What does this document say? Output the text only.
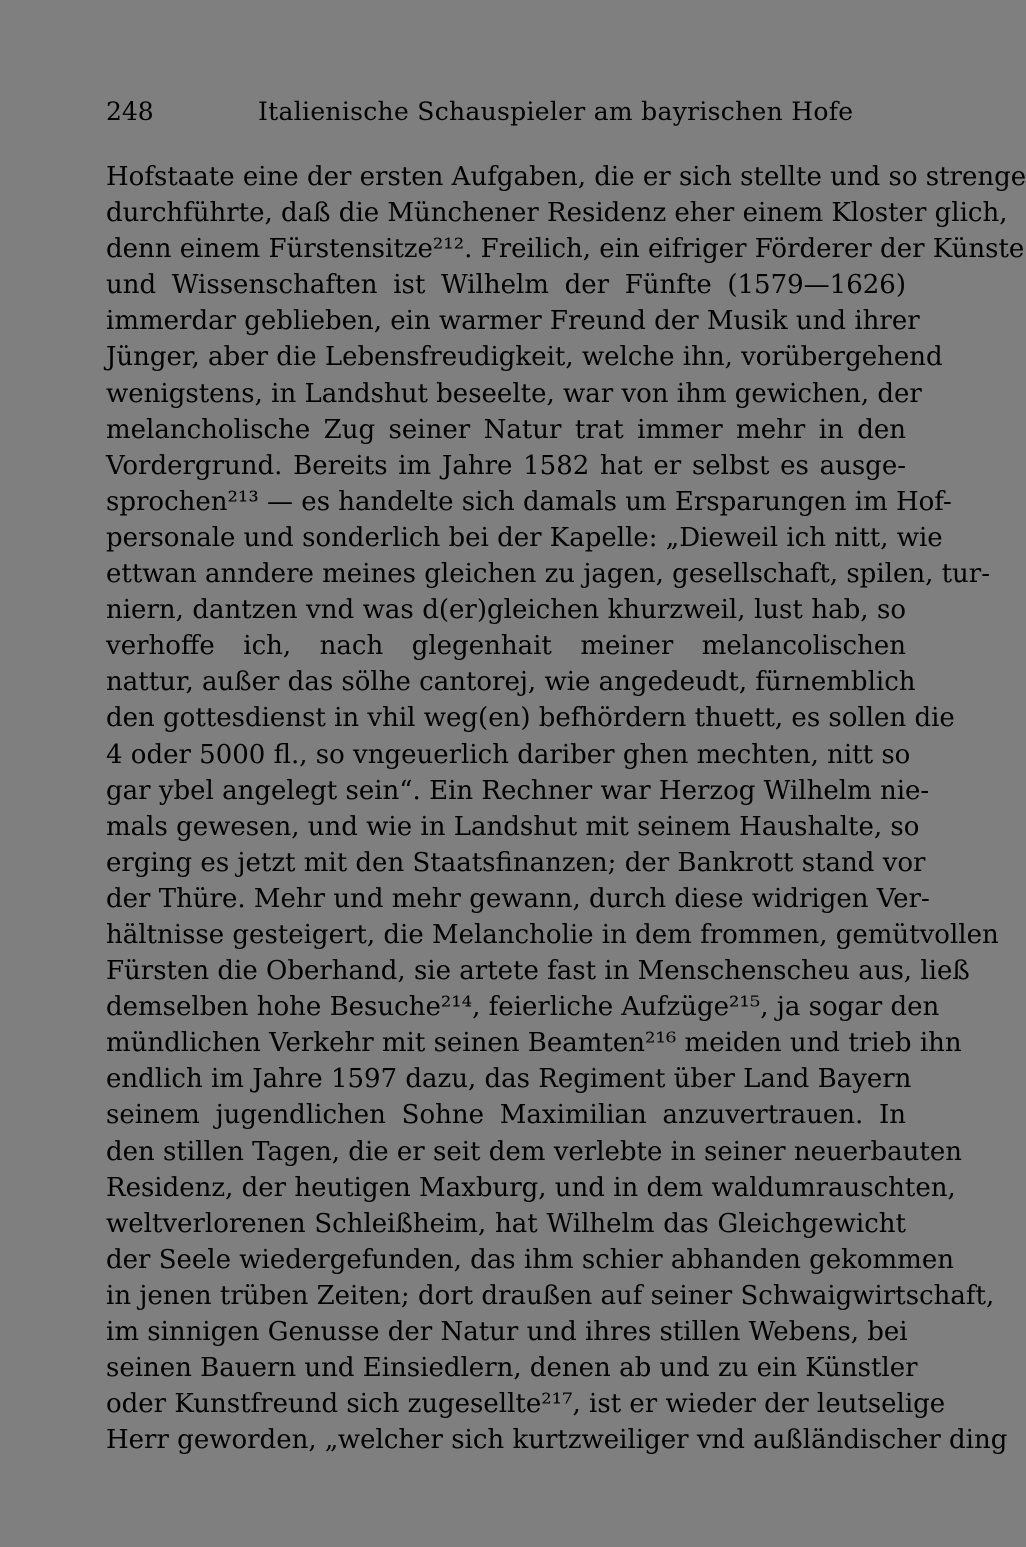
248	Italienische Schauspieler am bayrischen Hofe
Hofstaate eine der ersten Aufgaben, die er sich stellte und so strenge
durchführte, daß die Münchener Residenz eher einem Kloster glich,
denn einem Fürstensitze²¹². Freilich, ein eifriger Förderer der Künste
und Wissenschaften ist Wilhelm der Fünfte (1579—1626)
immerdar geblieben, ein warmer Freund der Musik und ihrer
Jünger, aber die Lebensfreudigkeit, welche ihn, vorübergehend
wenigstens, in Landshut beseelte, war von ihm gewichen, der
melancholische Zug seiner Natur trat immer mehr in den
Vordergrund. Bereits im Jahre 1582 hat er selbst es ausge-
sprochen²¹³ — es handelte sich damals um Ersparungen im Hof-
personale und sonderlich bei der Kapelle: „Dieweil ich nitt, wie
ettwan anndere meines gleichen zu jagen, gesellschaft, spilen, tur-
niern, dantzen vnd was d(er)gleichen khurzweil, lust hab, so
verhoffe ich, nach glegenhait meiner melancolischen
nattur, außer das sölhe cantorej, wie angedeudt, fürnemblich
den gottesdienst in vhil weg(en) befhördern thuett, es sollen die
4 oder 5000 fl., so vngeuerlich dariber ghen mechten, nitt so
gar ybel angelegt sein“. Ein Rechner war Herzog Wilhelm nie-
mals gewesen, und wie in Landshut mit seinem Haushalte, so
erging es jetzt mit den Staatsfinanzen; der Bankrott stand vor
der Thüre. Mehr und mehr gewann, durch diese widrigen Ver-
hältnisse gesteigert, die Melancholie in dem frommen, gemütvollen
Fürsten die Oberhand, sie artete fast in Menschenscheu aus, ließ
demselben hohe Besuche²¹⁴, feierliche Aufzüge²¹⁵, ja sogar den
mündlichen Verkehr mit seinen Beamten²¹⁶ meiden und trieb ihn
endlich im Jahre 1597 dazu, das Regiment über Land Bayern
seinem jugendlichen Sohne Maximilian anzuvertrauen. In
den stillen Tagen, die er seit dem verlebte in seiner neuerbauten
Residenz, der heutigen Maxburg, und in dem waldumrauschten,
weltverlorenen Schleißheim, hat Wilhelm das Gleichgewicht
der Seele wiedergefunden, das ihm schier abhanden gekommen
in jenen trüben Zeiten; dort draußen auf seiner Schwaigwirtschaft,
im sinnigen Genusse der Natur und ihres stillen Webens, bei
seinen Bauern und Einsiedlern, denen ab und zu ein Künstler
oder Kunstfreund sich zugesellte²¹⁷, ist er wieder der leutselige
Herr geworden, „welcher sich kurtzweiliger vnd außländischer ding
